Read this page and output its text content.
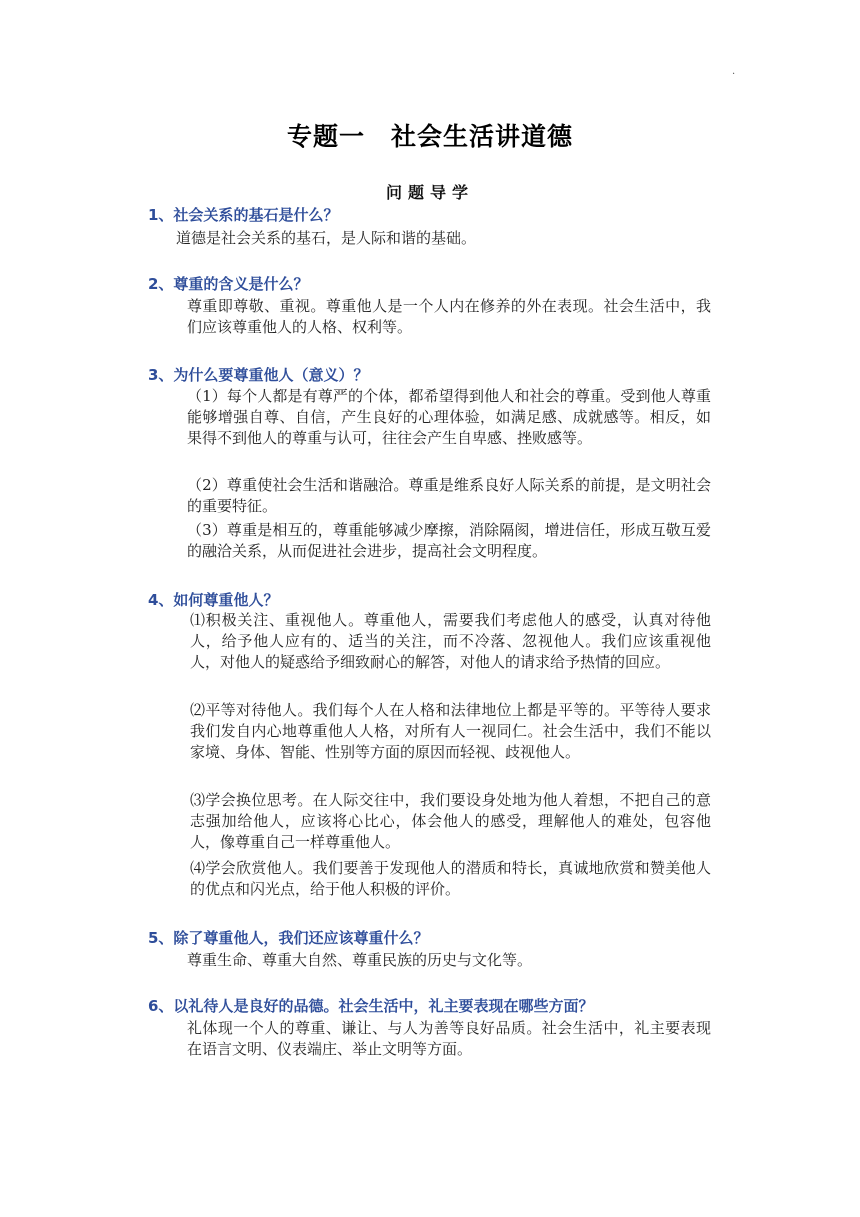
.
专题一　社会生活讲道德
问题导学

1、社会关系的基石是什么？

道德是社会关系的基石，是人际和谐的基础。

2、尊重的含义是什么？

尊重即尊敬、重视。尊重他人是一个人内在修养的外在表现。社会生活中，我们应该尊重他人的人格、权利等。

3、为什么要尊重他人（意义）？

（1）每个人都是有尊严的个体，都希望得到他人和社会的尊重。受到他人尊重能够增强自尊、自信，产生良好的心理体验，如满足感、成就感等。相反，如果得不到他人的尊重与认可，往往会产生自卑感、挫败感等。

（2）尊重使社会生活和谐融洽。尊重是维系良好人际关系的前提，是文明社会的重要特征。

（3）尊重是相互的，尊重能够减少摩擦，消除隔阂，增进信任，形成互敬互爱的融洽关系，从而促进社会进步，提高社会文明程度。

4、如何尊重他人？

⑴积极关注、重视他人。尊重他人，需要我们考虑他人的感受，认真对待他人，给予他人应有的、适当的关注，而不冷落、忽视他人。我们应该重视他人，对他人的疑惑给予细致耐心的解答，对他人的请求给予热情的回应。

⑵平等对待他人。我们每个人在人格和法律地位上都是平等的。平等待人要求我们发自内心地尊重他人人格，对所有人一视同仁。社会生活中，我们不能以家境、身体、智能、性别等方面的原因而轻视、歧视他人。

⑶学会换位思考。在人际交往中，我们要设身处地为他人着想，不把自己的意志强加给他人，应该将心比心，体会他人的感受，理解他人的难处，包容他人，像尊重自己一样尊重他人。

⑷学会欣赏他人。我们要善于发现他人的潜质和特长，真诚地欣赏和赞美他人的优点和闪光点，给于他人积极的评价。

5、除了尊重他人，我们还应该尊重什么？

尊重生命、尊重大自然、尊重民族的历史与文化等。

6、以礼待人是良好的品德。社会生活中，礼主要表现在哪些方面？

礼体现一个人的尊重、谦让、与人为善等良好品质。社会生活中，礼主要表现在语言文明、仪表端庄、举止文明等方面。
